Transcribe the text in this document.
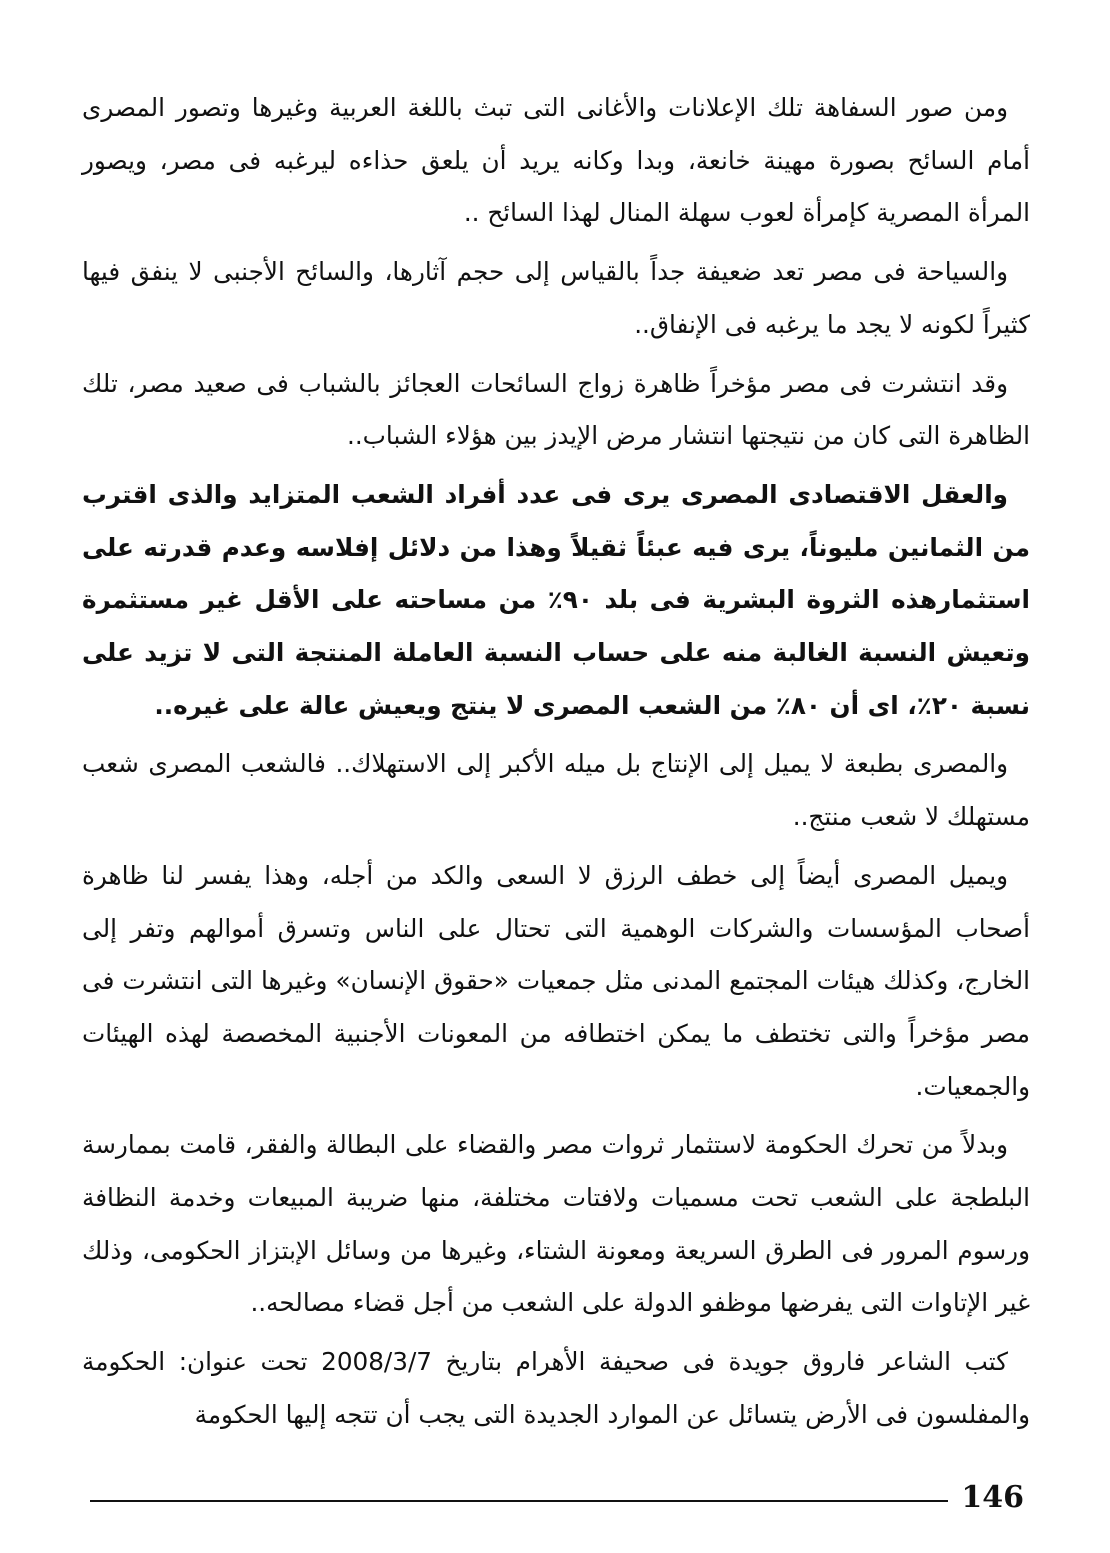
ومن صور السفاهة تلك الإعلانات والأغانى التى تبث باللغة العربية وغيرها وتصور المصرى أمام السائح بصورة مهينة خانعة، وبدا وكانه يريد أن يلعق حذاءه ليرغبه فى مصر، ويصور المرأة المصرية كإمرأة لعوب سهلة المنال لهذا السائح ..

والسياحة فى مصر تعد ضعيفة جداً بالقياس إلى حجم آثارها، والسائح الأجنبى لا ينفق فيها كثيراً لكونه لا يجد ما يرغبه فى الإنفاق..

وقد انتشرت فى مصر مؤخراً ظاهرة زواج السائحات العجائز بالشباب فى صعيد مصر، تلك الظاهرة التى كان من نتيجتها انتشار مرض الإيدز بين هؤلاء الشباب..

والعقل الاقتصادى المصرى يرى فى عدد أفراد الشعب المتزايد والذى اقترب من الثمانين مليوناً، يرى فيه عبئاً ثقيلاً وهذا من دلائل إفلاسه وعدم قدرته على استثمارهذه الثروة البشرية فى بلد ٩٠٪ من مساحته على الأقل غير مستثمرة وتعيش النسبة الغالبة منه على حساب النسبة العاملة المنتجة التى لا تزيد على نسبة ٢٠٪، اى أن ٨٠٪ من الشعب المصرى لا ينتج ويعيش عالة على غيره..

والمصرى بطبعة لا يميل إلى الإنتاج بل ميله الأكبر إلى الاستهلاك.. فالشعب المصرى شعب مستهلك لا شعب منتج..

ويميل المصرى أيضاً إلى خطف الرزق لا السعى والكد من أجله، وهذا يفسر لنا ظاهرة أصحاب المؤسسات والشركات الوهمية التى تحتال على الناس وتسرق أموالهم وتفر إلى الخارج، وكذلك هيئات المجتمع المدنى مثل جمعيات «حقوق الإنسان» وغيرها التى انتشرت فى مصر مؤخراً والتى تختطف ما يمكن اختطافه من المعونات الأجنبية المخصصة لهذه الهيئات والجمعيات.

وبدلاً من تحرك الحكومة لاستثمار ثروات مصر والقضاء على البطالة والفقر، قامت بممارسة البلطجة على الشعب تحت مسميات ولافتات مختلفة، منها ضريبة المبيعات وخدمة النظافة ورسوم المرور فى الطرق السريعة ومعونة الشتاء، وغيرها من وسائل الإبتزاز الحكومى، وذلك غير الإتاوات التى يفرضها موظفو الدولة على الشعب من أجل قضاء مصالحه..

كتب الشاعر فاروق جويدة فى صحيفة الأهرام بتاريخ 2008/3/7 تحت عنوان: الحكومة والمفلسون فى الأرض يتسائل عن الموارد الجديدة التى يجب أن تتجه إليها الحكومة

146
